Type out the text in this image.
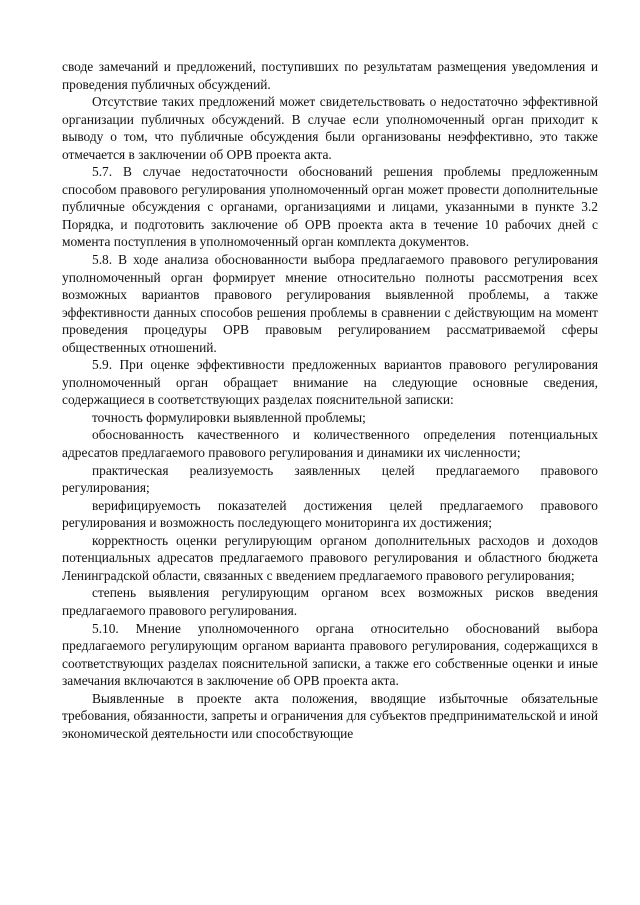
своде замечаний и предложений, поступивших по результатам размещения уведомления и проведения публичных обсуждений.

Отсутствие таких предложений может свидетельствовать о недостаточно эффективной организации публичных обсуждений. В случае если уполномоченный орган приходит к выводу о том, что публичные обсуждения были организованы неэффективно, это также отмечается в заключении об ОРВ проекта акта.

5.7. В случае недостаточности обоснований решения проблемы предложенным способом правового регулирования уполномоченный орган может провести дополнительные публичные обсуждения с органами, организациями и лицами, указанными в пункте 3.2 Порядка, и подготовить заключение об ОРВ проекта акта в течение 10 рабочих дней с момента поступления в уполномоченный орган комплекта документов.

5.8. В ходе анализа обоснованности выбора предлагаемого правового регулирования уполномоченный орган формирует мнение относительно полноты рассмотрения всех возможных вариантов правового регулирования выявленной проблемы, а также эффективности данных способов решения проблемы в сравнении с действующим на момент проведения процедуры ОРВ правовым регулированием рассматриваемой сферы общественных отношений.

5.9. При оценке эффективности предложенных вариантов правового регулирования уполномоченный орган обращает внимание на следующие основные сведения, содержащиеся в соответствующих разделах пояснительной записки:

точность формулировки выявленной проблемы;

обоснованность качественного и количественного определения потенциальных адресатов предлагаемого правового регулирования и динамики их численности;

практическая реализуемость заявленных целей предлагаемого правового регулирования;

верифицируемость показателей достижения целей предлагаемого правового регулирования и возможность последующего мониторинга их достижения;

корректность оценки регулирующим органом дополнительных расходов и доходов потенциальных адресатов предлагаемого правового регулирования и областного бюджета Ленинградской области, связанных с введением предлагаемого правового регулирования;

степень выявления регулирующим органом всех возможных рисков введения предлагаемого правового регулирования.

5.10. Мнение уполномоченного органа относительно обоснований выбора предлагаемого регулирующим органом варианта правового регулирования, содержащихся в соответствующих разделах пояснительной записки, а также его собственные оценки и иные замечания включаются в заключение об ОРВ проекта акта.

Выявленные в проекте акта положения, вводящие избыточные обязательные требования, обязанности, запреты и ограничения для субъектов предпринимательской и иной экономической деятельности или способствующие
